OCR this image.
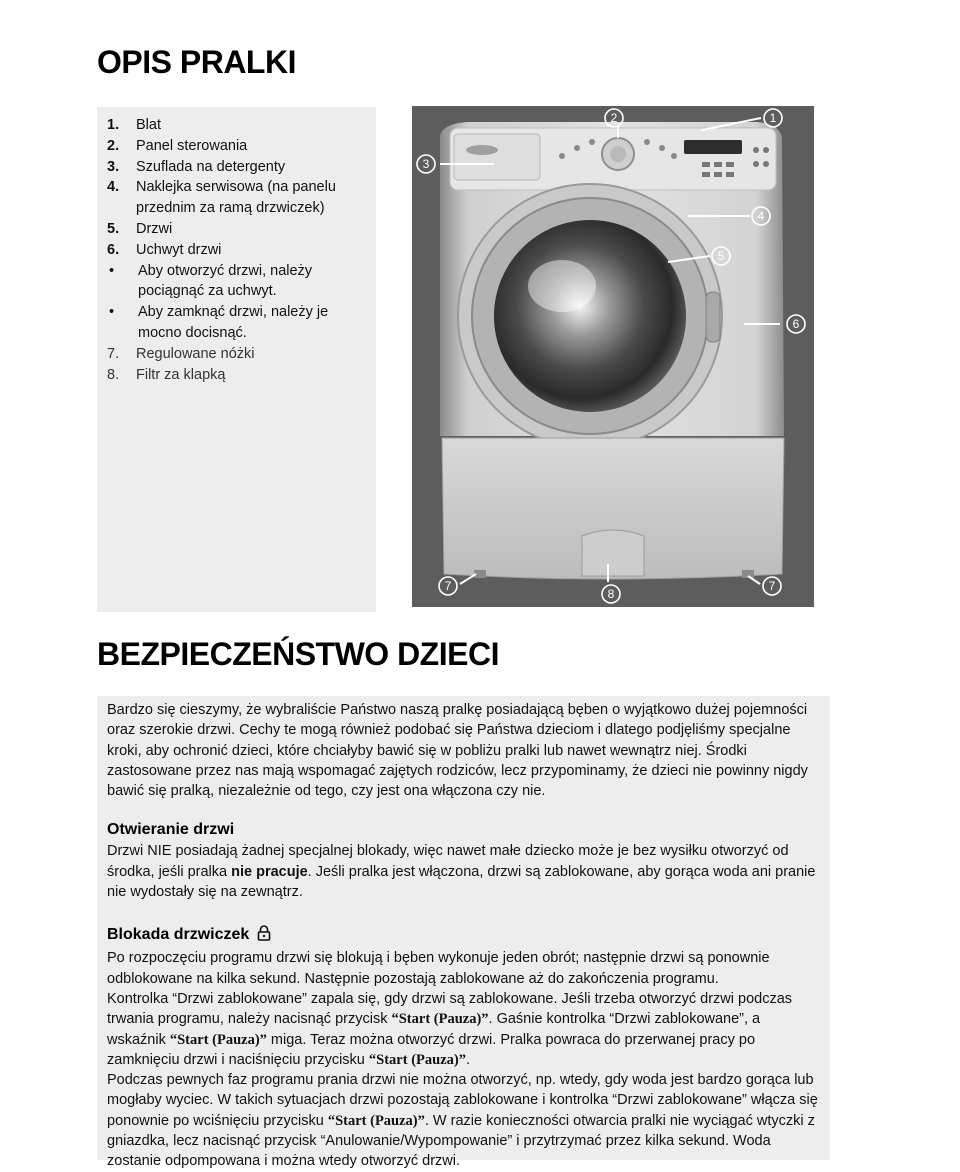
OPIS PRALKI
1.	Blat
2.	Panel sterowania
3.	Szuflada na detergenty
4.	Naklejka serwisowa (na panelu przednim za ramą drzwiczek)
5.	Drzwi
6.	Uchwyt drzwi
•	Aby otworzyć drzwi, należy pociągnąć za uchwyt.
•	Aby zamknąć drzwi, należy je mocno docisnąć.
7.	Regulowane nóżki
8.	Filtr za klapką
1
2
3
4
5
6
7
8
7
BEZPIECZEŃSTWO DZIECI

Bardzo się cieszymy, że wybraliście Państwo naszą pralkę posiadającą bęben o wyjątkowo dużej pojemności oraz szerokie drzwi. Cechy te mogą również podobać się Państwa dzieciom i dlatego podjęliśmy specjalne kroki, aby ochronić dzieci, które chciałyby bawić się w pobliżu pralki lub nawet wewnątrz niej. Środki zastosowane przez nas mają wspomagać zajętych rodziców, lecz przypominamy, że dzieci nie powinny nigdy bawić się pralką, niezależnie od tego, czy jest ona włączona czy nie.

Otwieranie drzwi

Drzwi NIE posiadają żadnej specjalnej blokady, więc nawet małe dziecko może je bez wysiłku otworzyć od środka, jeśli pralka nie pracuje. Jeśli pralka jest włączona, drzwi są zablokowane, aby gorąca woda ani pranie nie wydostały się na zewnątrz.

Blokada drzwiczek

Po rozpoczęciu programu drzwi się blokują i bęben wykonuje jeden obrót; następnie drzwi są ponownie odblokowane na kilka sekund. Następnie pozostają zablokowane aż do zakończenia programu.

Kontrolka “Drzwi zablokowane” zapala się, gdy drzwi są zablokowane. Jeśli trzeba otworzyć drzwi podczas trwania programu, należy nacisnąć przycisk “Start (Pauza)”. Gaśnie kontrolka “Drzwi zablokowane”, a wskaźnik “Start (Pauza)” miga. Teraz można otworzyć drzwi. Pralka powraca do przerwanej pracy po zamknięciu drzwi i naciśnięciu przycisku “Start (Pauza)”.

Podczas pewnych faz programu prania drzwi nie można otworzyć, np. wtedy, gdy woda jest bardzo gorąca lub mogłaby wyciec. W takich sytuacjach drzwi pozostają zablokowane i kontrolka “Drzwi zablokowane” włącza się ponownie po wciśnięciu przycisku “Start (Pauza)”. W razie konieczności otwarcia pralki nie wyciągać wtyczki z gniazdka, lecz nacisnąć przycisk “Anulowanie/Wypompowanie” i przytrzymać przez kilka sekund. Woda zostanie odpompowana i można wtedy otworzyć drzwi.
